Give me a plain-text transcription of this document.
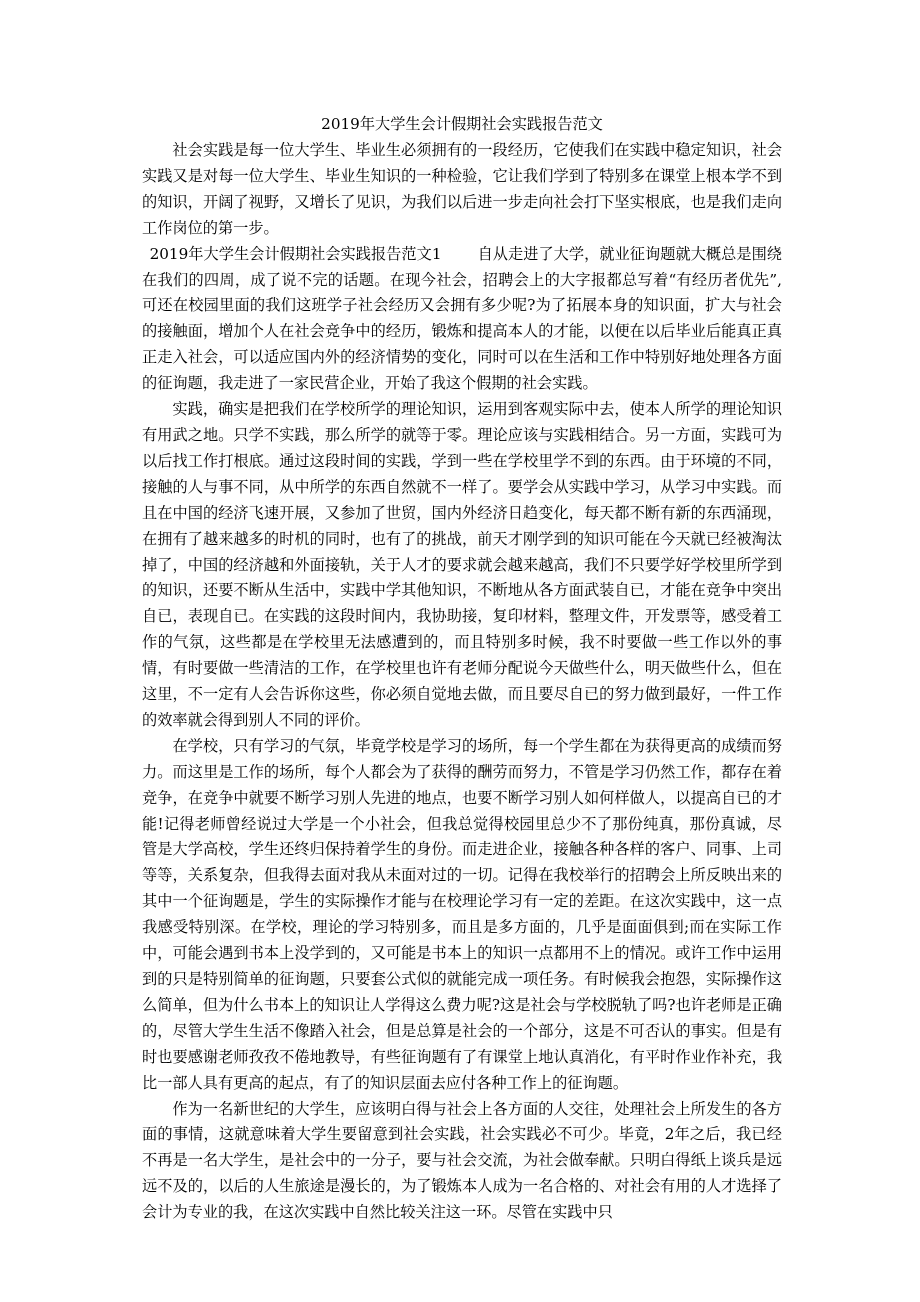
2019年大学生会计假期社会实践报告范文

社会实践是每一位大学生、毕业生必须拥有的一段经历，它使我们在实践中稳定知识，社会实践又是对每一位大学生、毕业生知识的一种检验，它让我们学到了特别多在课堂上根本学不到的知识，开阔了视野，又增长了见识，为我们以后进一步走向社会打下坚实根底，也是我们走向工作岗位的第一步。

2019年大学生会计假期社会实践报告范文1 自从走进了大学，就业征询题就大概总是围绕在我们的四周，成了说不完的话题。在现今社会，招聘会上的大字报都总写着“有经历者优先”,可还在校园里面的我们这班学子社会经历又会拥有多少呢?为了拓展本身的知识面，扩大与社会的接触面，增加个人在社会竞争中的经历，锻炼和提高本人的才能，以便在以后毕业后能真正真正走入社会，可以适应国内外的经济情势的变化，同时可以在生活和工作中特别好地处理各方面的征询题，我走进了一家民营企业，开始了我这个假期的社会实践。

实践，确实是把我们在学校所学的理论知识，运用到客观实际中去，使本人所学的理论知识有用武之地。只学不实践，那么所学的就等于零。理论应该与实践相结合。另一方面，实践可为以后找工作打根底。通过这段时间的实践，学到一些在学校里学不到的东西。由于环境的不同，接触的人与事不同，从中所学的东西自然就不一样了。要学会从实践中学习，从学习中实践。而且在中国的经济飞速开展，又参加了世贸，国内外经济日趋变化，每天都不断有新的东西涌现，在拥有了越来越多的时机的同时，也有了的挑战，前天才刚学到的知识可能在今天就已经被淘汰掉了，中国的经济越和外面接轨，关于人才的要求就会越来越高，我们不只要学好学校里所学到的知识，还要不断从生活中，实践中学其他知识，不断地从各方面武装自已，才能在竞争中突出自已，表现自已。在实践的这段时间内，我协助接，复印材料，整理文件，开发票等，感受着工作的气氛，这些都是在学校里无法感遭到的，而且特别多时候，我不时要做一些工作以外的事情，有时要做一些清洁的工作，在学校里也许有老师分配说今天做些什么，明天做些什么，但在这里，不一定有人会告诉你这些，你必须自觉地去做，而且要尽自已的努力做到最好，一件工作的效率就会得到别人不同的评价。

在学校，只有学习的气氛，毕竟学校是学习的场所，每一个学生都在为获得更高的成绩而努力。而这里是工作的场所，每个人都会为了获得的酬劳而努力，不管是学习仍然工作，都存在着竞争，在竞争中就要不断学习别人先进的地点，也要不断学习别人如何样做人，以提高自已的才能!记得老师曾经说过大学是一个小社会，但我总觉得校园里总少不了那份纯真，那份真诚，尽管是大学高校，学生还终归保持着学生的身份。而走进企业，接触各种各样的客户、同事、上司等等，关系复杂，但我得去面对我从未面对过的一切。记得在我校举行的招聘会上所反映出来的其中一个征询题是，学生的实际操作才能与在校理论学习有一定的差距。在这次实践中，这一点我感受特别深。在学校，理论的学习特别多，而且是多方面的，几乎是面面俱到;而在实际工作中，可能会遇到书本上没学到的，又可能是书本上的知识一点都用不上的情况。或许工作中运用到的只是特别简单的征询题，只要套公式似的就能完成一项任务。有时候我会抱怨，实际操作这么简单，但为什么书本上的知识让人学得这么费力呢?这是社会与学校脱轨了吗?也许老师是正确的，尽管大学生生活不像踏入社会，但是总算是社会的一个部分，这是不可否认的事实。但是有时也要感谢老师孜孜不倦地教导，有些征询题有了有课堂上地认真消化，有平时作业作补充，我比一部人具有更高的起点，有了的知识层面去应付各种工作上的征询题。

作为一名新世纪的大学生，应该明白得与社会上各方面的人交往，处理社会上所发生的各方面的事情，这就意味着大学生要留意到社会实践，社会实践必不可少。毕竟，2年之后，我已经不再是一名大学生，是社会中的一分子，要与社会交流，为社会做奉献。只明白得纸上谈兵是远远不及的，以后的人生旅途是漫长的，为了锻炼本人成为一名合格的、对社会有用的人才选择了会计为专业的我，在这次实践中自然比较关注这一环。尽管在实践中只
